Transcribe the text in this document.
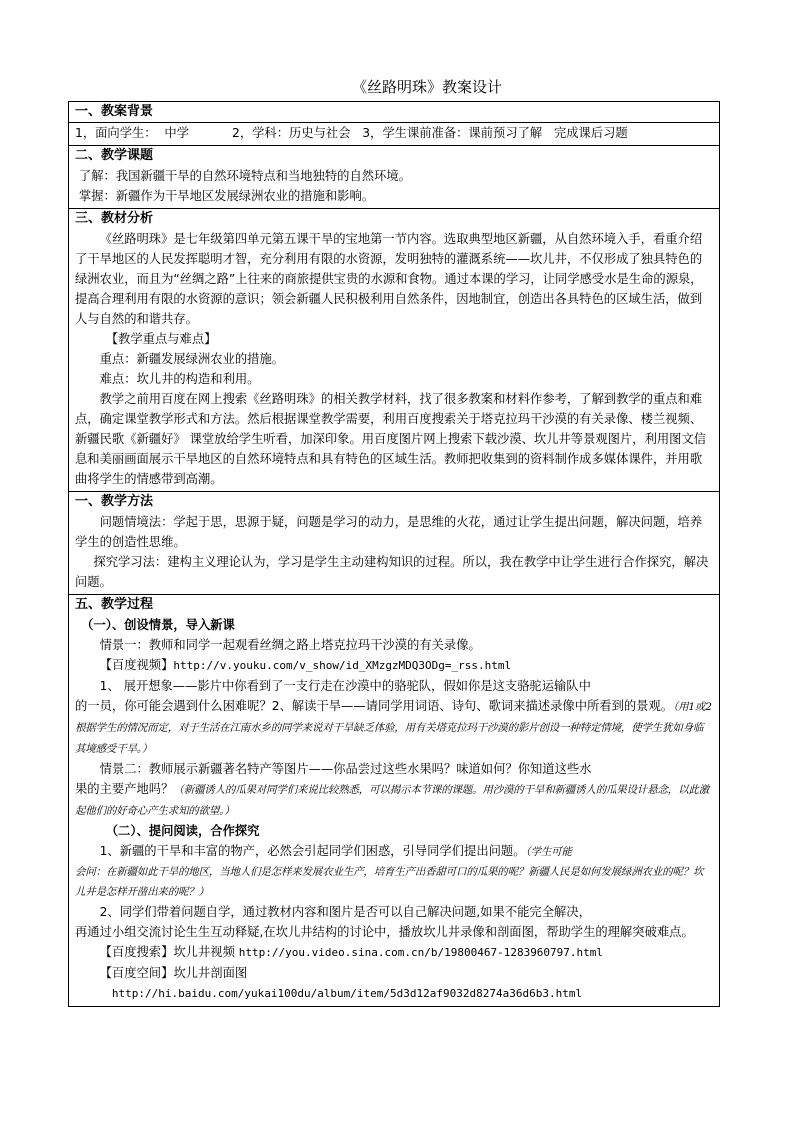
《丝路明珠》教案设计
一、教案背景

1，面向学生：  中学           2，学科：历史与社会   3，学生课前准备：课前预习了解   完成课后习题

二、教学课题

了解：我国新疆干旱的自然环境特点和当地独特的自然环境。

掌握：新疆作为干旱地区发展绿洲农业的措施和影响。

三、教材分析

《丝路明珠》是七年级第四单元第五课干旱的宝地第一节内容。选取典型地区新疆，从自然环境入手，看重介绍了干旱地区的人民发挥聪明才智，充分利用有限的水资源，发明独特的灌溉系统——坎儿井，不仅形成了独具特色的绿洲农业，而且为“丝绸之路”上往来的商旅提供宝贵的水源和食物。通过本课的学习，让同学感受水是生命的源泉，提高合理利用有限的水资源的意识；领会新疆人民积极利用自然条件，因地制宜，创造出各具特色的区域生活，做到人与自然的和谐共存。

【教学重点与难点】

重点：新疆发展绿洲农业的措施。

难点：坎儿井的构造和利用。

教学之前用百度在网上搜索《丝路明珠》的相关教学材料，找了很多教案和材料作参考，了解到教学的重点和难点，确定课堂教学形式和方法。然后根据课堂教学需要，利用百度搜索关于塔克拉玛干沙漠的有关录像、楼兰视频、新疆民歌《新疆好》 课堂放给学生听看，加深印象。用百度图片网上搜索下载沙漠、坎儿井等景观图片，利用图文信息和美丽画面展示干旱地区的自然环境特点和具有特色的区域生活。教师把收集到的资料制作成多媒体课件，并用歌曲将学生的情感带到高潮。

一、教学方法

问题情境法：学起于思，思源于疑，问题是学习的动力，是思维的火花，通过让学生提出问题，解决问题，培养学生的创造性思维。

探究学习法：建构主义理论认为，学习是学生主动建构知识的过程。所以，我在教学中让学生进行合作探究，解决问题。

五、教学过程

（一）、创设情景，导入新课

情景一：教师和同学一起观看丝绸之路上塔克拉玛干沙漠的有关录像。

【百度视频】http://v.youku.com/v_show/id_XMzgzMDQ3ODg=_rss.html

1、 展开想象——影片中你看到了一支行走在沙漠中的骆驼队，假如你是这支骆驼运输队中

的一员，你可能会遇到什么困难呢？2、解读干旱——请同学用词语、诗句、歌词来描述录像中所看到的景观。（用1或2根据学生的情况而定，对于生活在江南水乡的同学来说对干旱缺乏体验，用有关塔克拉玛干沙漠的影片创设一种特定情境，使学生犹如身临其境感受干旱。）

情景二：教师展示新疆著名特产等图片——你品尝过这些水果吗？味道如何？你知道这些水

果的主要产地吗？（新疆诱人的瓜果对同学们来说比较熟悉，可以揭示本节课的课题。用沙漠的干旱和新疆诱人的瓜果设计悬念，以此激起他们的好奇心产生求知的欲望。）

（二）、提问阅读，合作探究

1、新疆的干旱和丰富的物产，必然会引起同学们困惑，引导同学们提出问题。（学生可能

会问：在新疆如此干旱的地区，当地人们是怎样来发展农业生产，培育生产出香甜可口的瓜果的呢？新疆人民是如何发展绿洲农业的呢？坎儿井是怎样开凿出来的呢？）

2、同学们带着问题自学，通过教材内容和图片是否可以自己解决问题,如果不能完全解决，

再通过小组交流讨论生生互动释疑,在坎儿井结构的讨论中，播放坎儿井录像和剖面图，帮助学生的理解突破难点。

【百度搜索】坎儿井视频 http://you.video.sina.com.cn/b/19800467-1283960797.html

【百度空间】坎儿井剖面图

http://hi.baidu.com/yukai100du/album/item/5d3d12af9032d8274a36d6b3.html
